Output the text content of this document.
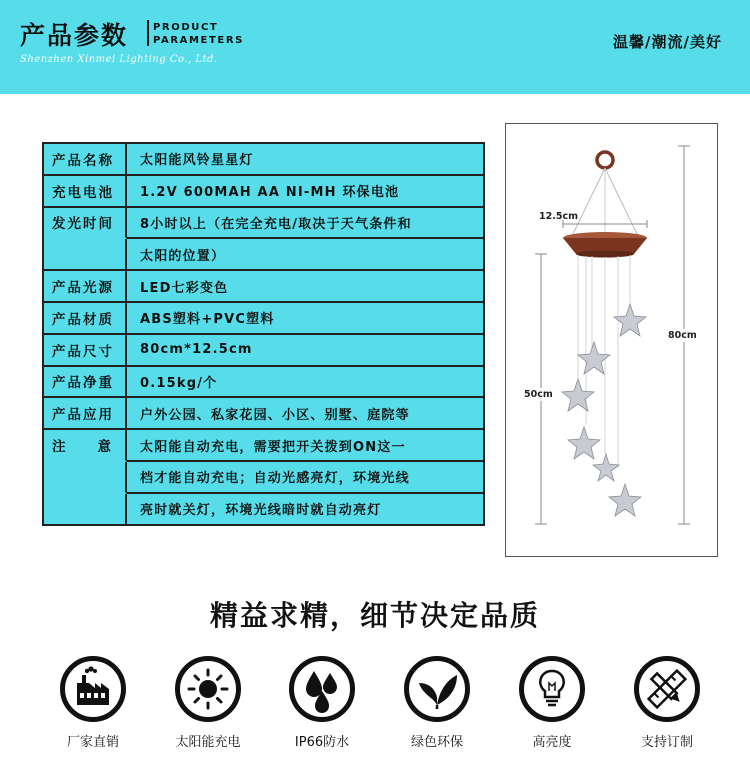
产品参数 PRODUCT
PARAMETERS
Shenzhen Xinmei Lighting Co., Ltd.
温馨/潮流/美好
产品名称	太阳能风铃星星灯
充电电池	1.2V 600MAH AA NI-MH 环保电池
发光时间	8小时以上（在完全充电/取决于天气条件和
太阳的位置）
产品光源	LED七彩变色
产品材质	ABS塑料+PVC塑料
产品尺寸	80cm*12.5cm
产品净重	0.15kg/个
产品应用	户外公园、私家花园、小区、别墅、庭院等
注 意	太阳能自动充电，需要把开关拨到ON这一
档才能自动充电；自动光感亮灯，环境光线
亮时就关灯，环境光线暗时就自动亮灯
12.5cm
80cm
50cm
精益求精，细节决定品质
厂家直销	太阳能充电	IP66防水	绿色环保	高亮度	支持订制
